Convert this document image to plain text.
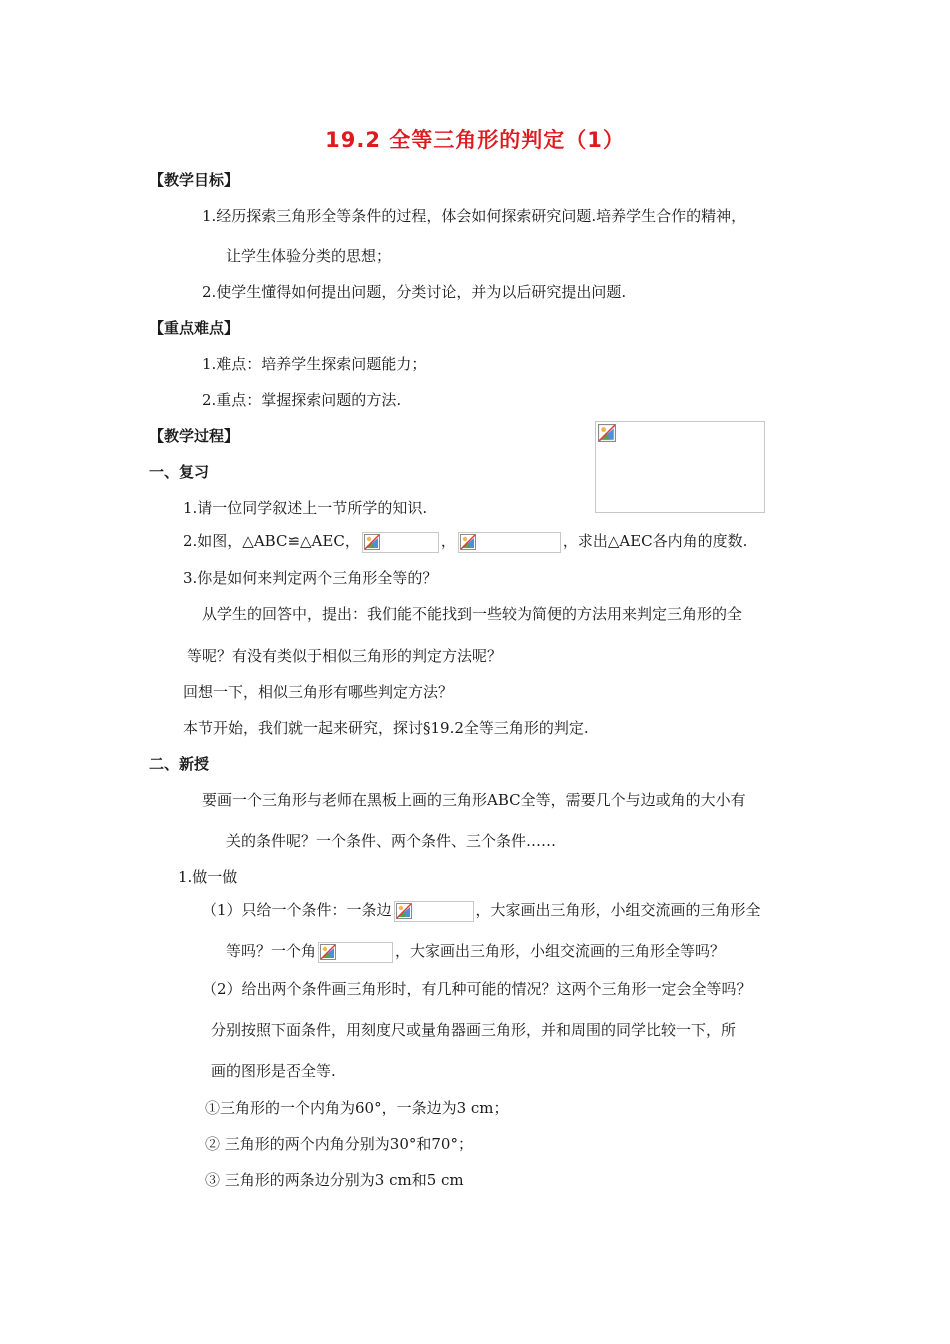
19.2 全等三角形的判定（1）
【教学目标】
1.经历探索三角形全等条件的过程，体会如何探索研究问题.培养学生合作的精神，
让学生体验分类的思想；
2.使学生懂得如何提出问题，分类讨论，并为以后研究提出问题.
【重点难点】
1.难点：培养学生探索问题能力；
2.重点：掌握探索问题的方法.
【教学过程】
一、复习
1.请一位同学叙述上一节所学的知识.
2.如图，△ABC≌△AEC，	，	，求出△AEC各内角的度数.
3.你是如何来判定两个三角形全等的？
从学生的回答中，提出：我们能不能找到一些较为简便的方法用来判定三角形的全
等呢？有没有类似于相似三角形的判定方法呢？
回想一下，相似三角形有哪些判定方法？
本节开始，我们就一起来研究，探讨§19.2全等三角形的判定.
二、新授
要画一个三角形与老师在黑板上画的三角形ABC全等，需要几个与边或角的大小有
关的条件呢？一个条件、两个条件、三个条件……
1.做一做
（1）只给一个条件：一条边	，大家画出三角形，小组交流画的三角形全
等吗？一个角	，大家画出三角形，小组交流画的三角形全等吗？
（2）给出两个条件画三角形时，有几种可能的情况？这两个三角形一定会全等吗？
分别按照下面条件，用刻度尺或量角器画三角形，并和周围的同学比较一下，所
画的图形是否全等.
①三角形的一个内角为60°，一条边为3 cm；
② 三角形的两个内角分别为30°和70°；
③ 三角形的两条边分别为3 cm和5 cm
